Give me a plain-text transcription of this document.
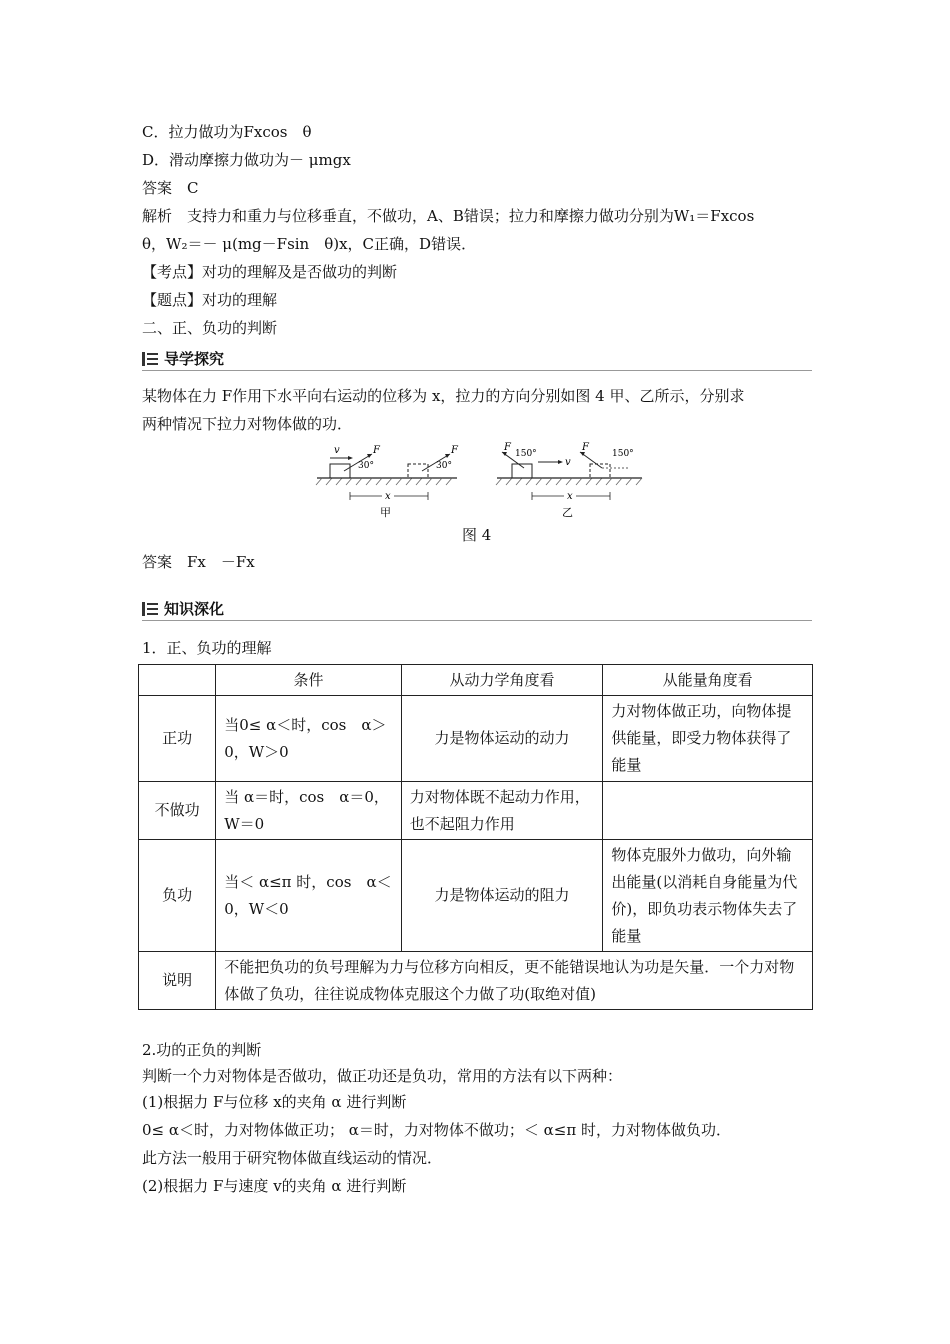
C．拉力做功为Fxcos　θ
D．滑动摩擦力做功为－ μmgx
答案　C
解析　支持力和重力与位移垂直，不做功，A、B错误；拉力和摩擦力做功分别为W₁＝Fxcos
θ，W₂＝－ μ(mg－Fsin　θ)x，C正确，D错误．
【考点】对功的理解及是否做功的判断
【题点】对功的理解
二、正、负功的判断
导学探究
某物体在力 F作用下水平向右运动的位移为 x，拉力的方向分别如图 4 甲、乙所示，分别求
两种情况下拉力对物体做的功．
v	F
30°
F
30°
x
甲
F
150°
v
F
150°
x
乙
图 4
答案　Fx　－Fx
知识深化
1．正、负功的理解
	条件	从动力学角度看	从能量角度看
正功	当0≤ α＜时，cos　α＞0，W＞0	力是物体运动的动力	力对物体做正功，向物体提供能量，即受力物体获得了能量
不做功	当 α＝时，cos　α＝0，W＝0	力对物体既不起动力作用，也不起阻力作用	
负功	当＜ α≤π 时，cos　α＜0，W＜0	力是物体运动的阻力	物体克服外力做功，向外输出能量(以消耗自身能量为代价)，即负功表示物体失去了能量
说明	不能把负功的负号理解为力与位移方向相反，更不能错误地认为功是矢量．一个力对物体做了负功，往往说成物体克服这个力做了功(取绝对值)		
2.功的正负的判断
判断一个力对物体是否做功，做正功还是负功，常用的方法有以下两种：
(1)根据力 F与位移 x的夹角 α 进行判断
0≤ α＜时，力对物体做正功； α＝时，力对物体不做功；＜ α≤π 时，力对物体做负功．
此方法一般用于研究物体做直线运动的情况．
(2)根据力 F与速度 v的夹角 α 进行判断
